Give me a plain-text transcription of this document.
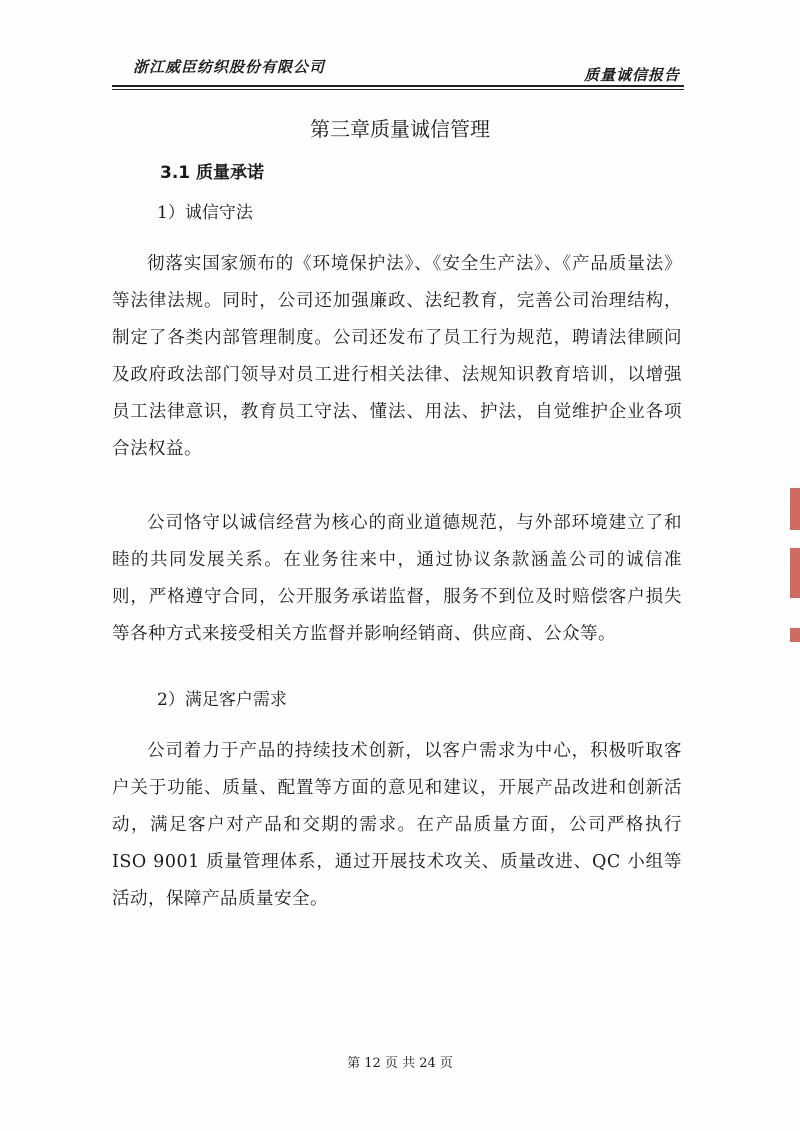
浙江威臣纺织股份有限公司	质量诚信报告
第三章质量诚信管理
3.1 质量承诺
1）诚信守法
彻落实国家颁布的《环境保护法》、《安全生产法》、《产品质量法》等法律法规。同时，公司还加强廉政、法纪教育，完善公司治理结构，制定了各类内部管理制度。公司还发布了员工行为规范，聘请法律顾问及政府政法部门领导对员工进行相关法律、法规知识教育培训，以增强员工法律意识，教育员工守法、懂法、用法、护法，自觉维护企业各项合法权益。
公司恪守以诚信经营为核心的商业道德规范，与外部环境建立了和睦的共同发展关系。在业务往来中，通过协议条款涵盖公司的诚信准则，严格遵守合同，公开服务承诺监督，服务不到位及时赔偿客户损失等各种方式来接受相关方监督并影响经销商、供应商、公众等。
2）满足客户需求
公司着力于产品的持续技术创新，以客户需求为中心，积极听取客户关于功能、质量、配置等方面的意见和建议，开展产品改进和创新活动，满足客户对产品和交期的需求。在产品质量方面，公司严格执行 ISO 9001 质量管理体系，通过开展技术攻关、质量改进、QC 小组等活动，保障产品质量安全。
第 12 页 共 24 页
